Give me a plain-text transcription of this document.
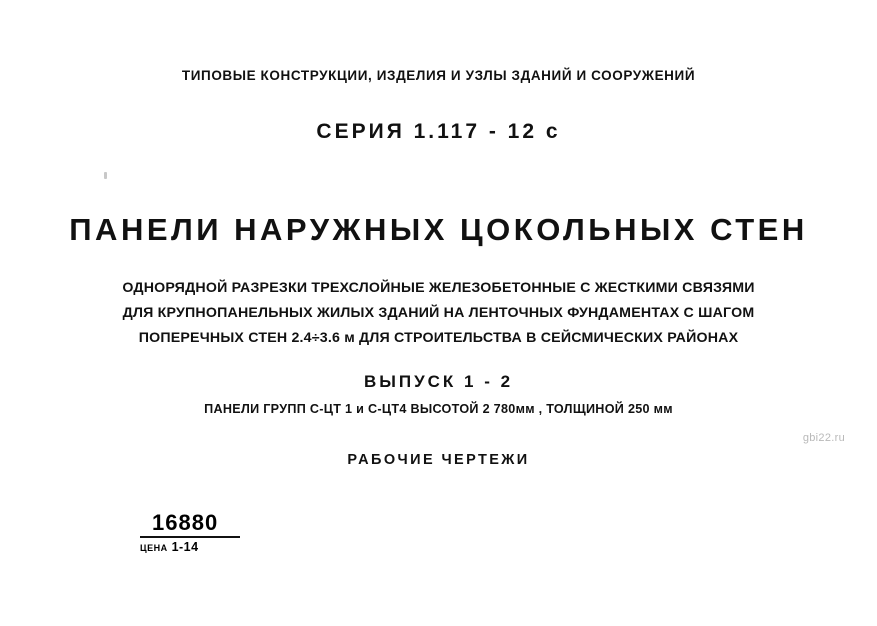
ТИПОВЫЕ КОНСТРУКЦИИ, ИЗДЕЛИЯ И УЗЛЫ ЗДАНИЙ И СООРУЖЕНИЙ
СЕРИЯ 1.117 - 12 с
ПАНЕЛИ НАРУЖНЫХ ЦОКОЛЬНЫХ СТЕН
ОДНОРЯДНОЙ РАЗРЕЗКИ ТРЕХСЛОЙНЫЕ ЖЕЛЕЗОБЕТОННЫЕ С ЖЕСТКИМИ СВЯЗЯМИ
ДЛЯ КРУПНОПАНЕЛЬНЫХ ЖИЛЫХ ЗДАНИЙ НА ЛЕНТОЧНЫХ ФУНДАМЕНТАХ С ШАГОМ
ПОПЕРЕЧНЫХ СТЕН 2.4÷3.6 м ДЛЯ СТРОИТЕЛЬСТВА В СЕЙСМИЧЕСКИХ РАЙОНАХ
ВЫПУСК 1 - 2
ПАНЕЛИ ГРУПП С-ЦТ 1 и С-ЦТ4 ВЫСОТОЙ 2 780мм , ТОЛЩИНОЙ 250 мм
РАБОЧИЕ ЧЕРТЕЖИ
16880
цена 1-14
gbi22.ru
